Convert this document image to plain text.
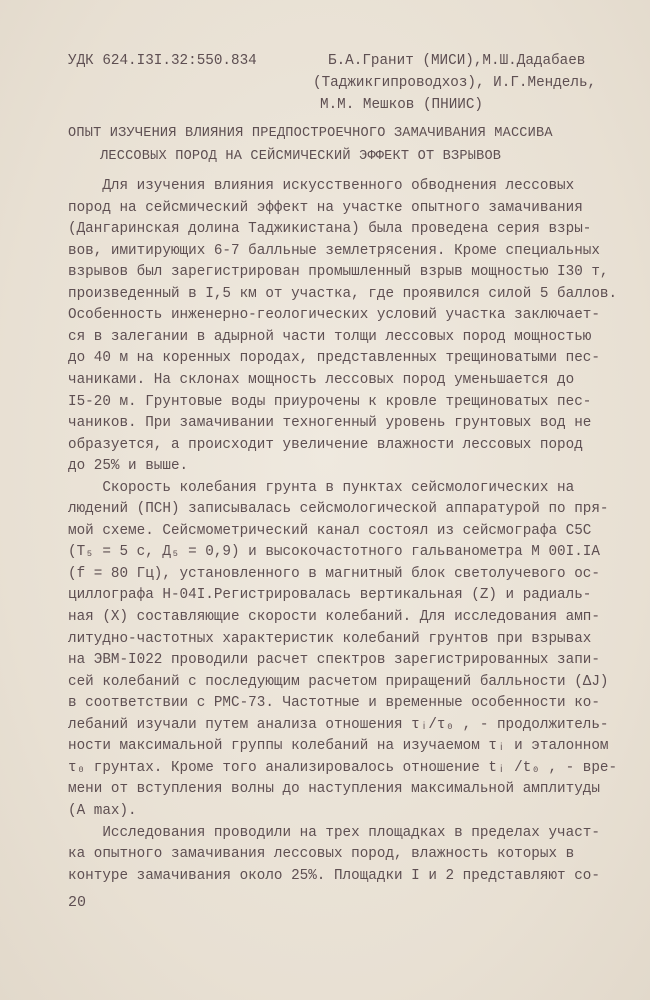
УДК 624.I3I.32:550.834	Б.А.Гранит (МИСИ),М.Ш.Дадабаев
(Таджикгипроводхоз), И.Г.Мендель,
М.М. Мешков (ПНИИС)
ОПЫТ ИЗУЧЕНИЯ ВЛИЯНИЯ ПРЕДПОСТРОЕЧНОГО ЗАМАЧИВАНИЯ МАССИВА
ЛЕССОВЫХ ПОРОД НА СЕЙСМИЧЕСКИЙ ЭФФЕКТ ОТ ВЗРЫВОВ
Для изучения влияния искусственного обводнения лессовых
пород на сейсмический эффект на участке опытного замачивания
(Дангаринская долина Таджикистана) была проведена серия взры-
вов, имитирующих 6-7 балльные землетрясения. Кроме специальных
взрывов был зарегистрирован промышленный взрыв мощностью I30 т,
произведенный в I,5 км от участка, где проявился силой 5 баллов.
Особенность инженерно-геологических условий участка заключает-
ся в залегании в адырной части толщи лессовых пород мощностью
до 40 м на коренных породах, представленных трещиноватыми пес-
чаниками. На склонах мощность лессовых пород уменьшается до
I5-20 м. Грунтовые воды приурочены к кровле трещиноватых пес-
чаников. При замачивании техногенный уровень грунтовых вод не
образуется, а происходит увеличение влажности лессовых пород
до 25% и выше.
Скорость колебания грунта в пунктах сейсмологических на
людений (ПСН) записывалась сейсмологической аппаратурой по пря-
мой схеме. Сейсмометрический канал состоял из сейсмографа С5С
(T₅ = 5 с, Д₅ = 0,9) и высокочастотного гальванометра М 00I.IА
(f = 80 Гц), установленного в магнитный блок светолучевого ос-
циллографа Н-04I.Регистрировалась вертикальная (Z) и радиаль-
ная (X) составляющие скорости колебаний. Для исследования амп-
литудно-частотных характеристик колебаний грунтов при взрывах
на ЭВМ-I022 проводили расчет спектров зарегистрированных запи-
сей колебаний с последующим расчетом приращений балльности (ΔJ)
в соответствии с РМС-73. Частотные и временные особенности ко-
лебаний изучали путем анализа отношения τᵢ/τ₀ , - продолжитель-
ности максимальной группы колебаний на изучаемом τᵢ и эталонном
τ₀ грунтах. Кроме того анализировалось отношение tᵢ /t₀ , - вре-
мени от вступления волны до наступления максимальной амплитуды
(A max).
Исследования проводили на трех площадках в пределах участ-
ка опытного замачивания лессовых пород, влажность которых в
контуре замачивания около 25%. Площадки I и 2 представляют со-
20
